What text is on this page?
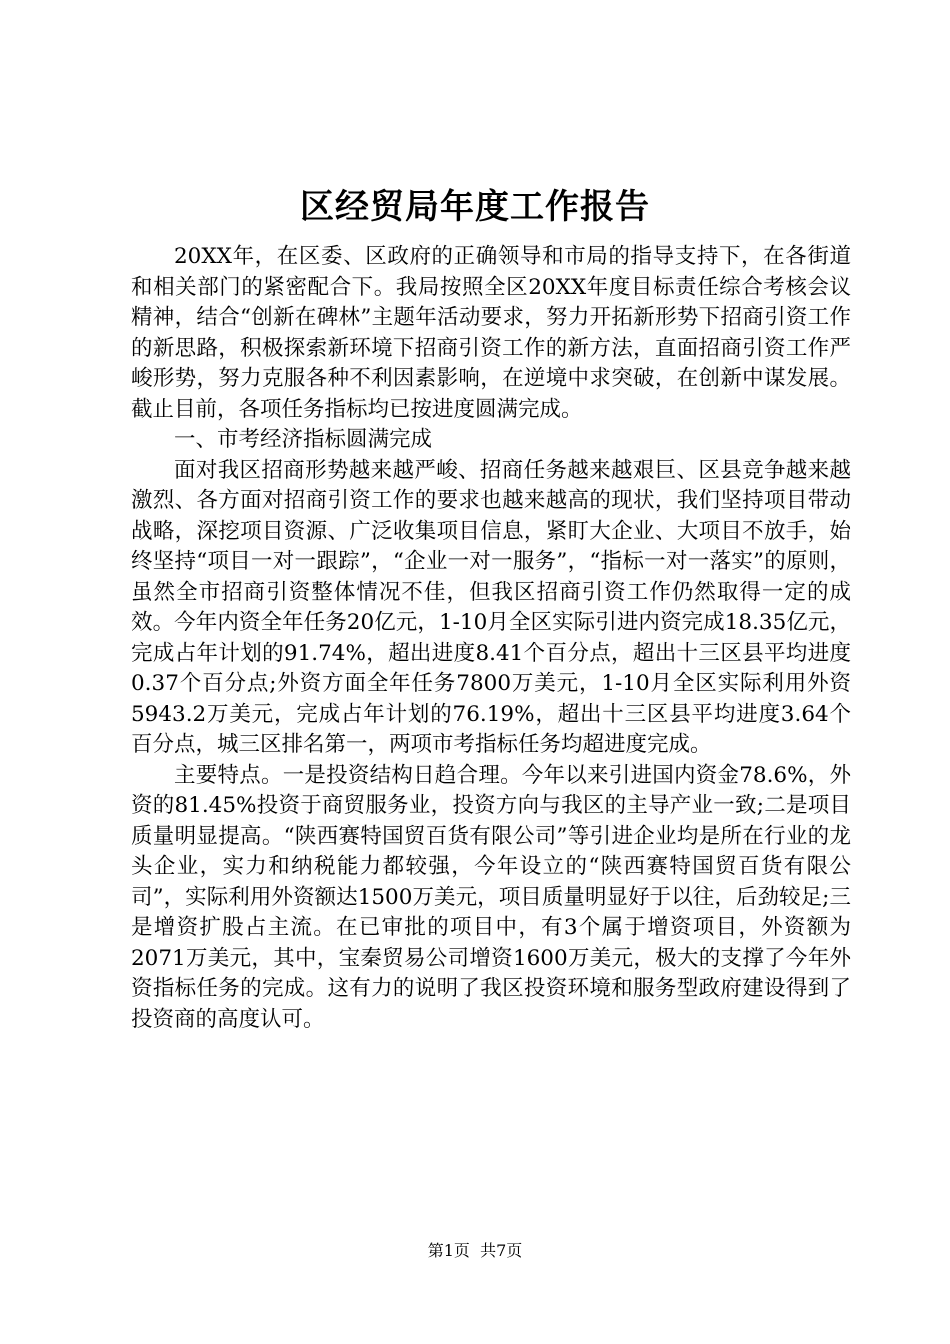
区经贸局年度工作报告

20XX年，在区委、区政府的正确领导和市局的指导支持下，在各街道和相关部门的紧密配合下。我局按照全区20XX年度目标责任综合考核会议精神，结合“创新在碑林”主题年活动要求，努力开拓新形势下招商引资工作的新思路，积极探索新环境下招商引资工作的新方法，直面招商引资工作严峻形势，努力克服各种不利因素影响，在逆境中求突破，在创新中谋发展。截止目前，各项任务指标均已按进度圆满完成。

一、市考经济指标圆满完成

面对我区招商形势越来越严峻、招商任务越来越艰巨、区县竞争越来越激烈、各方面对招商引资工作的要求也越来越高的现状，我们坚持项目带动战略，深挖项目资源、广泛收集项目信息，紧盯大企业、大项目不放手，始终坚持“项目一对一跟踪”，“企业一对一服务”，“指标一对一落实”的原则，虽然全市招商引资整体情况不佳，但我区招商引资工作仍然取得一定的成效。今年内资全年任务20亿元，1-10月全区实际引进内资完成18.35亿元，完成占年计划的91.74%，超出进度8.41个百分点，超出十三区县平均进度0.37个百分点;外资方面全年任务7800万美元，1-10月全区实际利用外资5943.2万美元，完成占年计划的76.19%，超出十三区县平均进度3.64个百分点，城三区排名第一，两项市考指标任务均超进度完成。

主要特点。一是投资结构日趋合理。今年以来引进国内资金78.6%，外资的81.45%投资于商贸服务业，投资方向与我区的主导产业一致;二是项目质量明显提高。“陕西赛特国贸百货有限公司”等引进企业均是所在行业的龙头企业，实力和纳税能力都较强，今年设立的“陕西赛特国贸百货有限公司”，实际利用外资额达1500万美元，项目质量明显好于以往，后劲较足;三是增资扩股占主流。在已审批的项目中，有3个属于增资项目，外资额为2071万美元，其中，宝秦贸易公司增资1600万美元，极大的支撑了今年外资指标任务的完成。这有力的说明了我区投资环境和服务型政府建设得到了投资商的高度认可。

第1页  共7页
